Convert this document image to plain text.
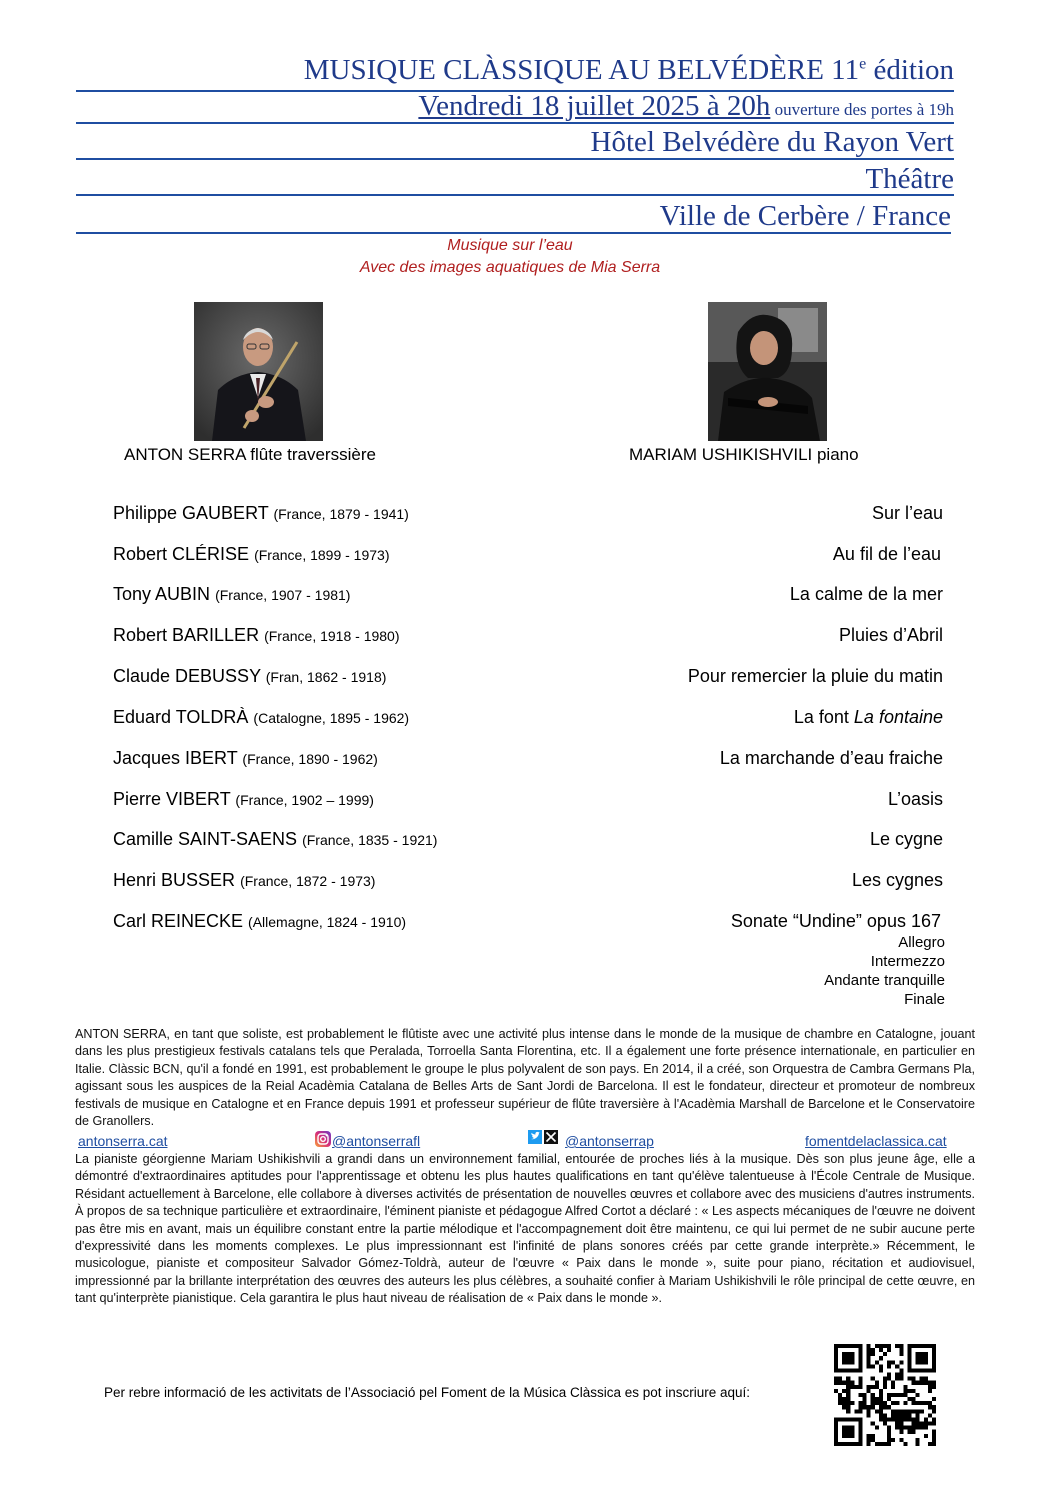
MUSIQUE CLÀSSIQUE AU BELVÉDÈRE 11e édition
Vendredi 18 juillet 2025 à 20h ouverture des portes à 19h
Hôtel Belvédère du Rayon Vert
Théâtre
Ville de Cerbère / France
Musique sur l’eau
Avec des images aquatiques de Mia Serra
ANTON SERRA flûte traverssière	MARIAM USHIKISHVILI piano
Philippe GAUBERT (France, 1879 - 1941)	Sur l’eau
Robert CLÉRISE (France, 1899 - 1973)	Au fil de l’eau
Tony AUBIN (France, 1907 - 1981)	La calme de la mer
Robert BARILLER (France, 1918 - 1980)	Pluies d’Abril
Claude DEBUSSY (Fran, 1862 - 1918)	Pour remercier la pluie du matin
Eduard TOLDRÀ (Catalogne, 1895 - 1962)	La font La fontaine
Jacques IBERT (France, 1890 - 1962)	La marchande d’eau fraiche
Pierre VIBERT (France, 1902 – 1999)	L’oasis
Camille SAINT-SAENS (France, 1835 - 1921)	Le cygne
Henri BUSSER (France, 1872 - 1973)	Les cygnes
Carl REINECKE (Allemagne, 1824 - 1910)	Sonate “Undine” opus 167
Allegro
Intermezzo
Andante tranquille
Finale
ANTON SERRA, en tant que soliste, est probablement le flûtiste avec une activité plus intense dans le monde de la musique de chambre en Catalogne, jouant dans les plus prestigieux festivals catalans tels que Peralada, Torroella Santa Florentina, etc. Il a également une forte présence internationale, en particulier en Italie. Clàssic BCN, qu'il a fondé en 1991, est probablement le groupe le plus polyvalent de son pays. En 2014, il a créé, son Orquestra de Cambra Germans Pla, agissant sous les auspices de la Reial Acadèmia Catalana de Belles Arts de Sant Jordi de Barcelona. Il est le fondateur, directeur et promoteur de nombreux festivals de musique en Catalogne et en France depuis 1991 et professeur supérieur de flûte traversière à l'Acadèmia Marshall de Barcelone et le Conservatoire de Granollers.
antonserra.cat	@antonserrafl	@antonserrap	fomentdelaclassica.cat
La pianiste géorgienne Mariam Ushikishvili a grandi dans un environnement familial, entourée de proches liés à la musique. Dès son plus jeune âge, elle a démontré d'extraordinaires aptitudes pour l'apprentissage et obtenu les plus hautes qualifications en tant qu'élève talentueuse à l'École Centrale de Musique. Résidant actuellement à Barcelone, elle collabore à diverses activités de présentation de nouvelles œuvres et collabore avec des musiciens d'autres instruments. À propos de sa technique particulière et extraordinaire, l'éminent pianiste et pédagogue Alfred Cortot a déclaré : « Les aspects mécaniques de l'œuvre ne doivent pas être mis en avant, mais un équilibre constant entre la partie mélodique et l'accompagnement doit être maintenu, ce qui lui permet de ne subir aucune perte d'expressivité dans les moments complexes. Le plus impressionnant est l'infinité de plans sonores créés par cette grande interprète.» Récemment, le musicologue, pianiste et compositeur Salvador Gómez-Toldrà, auteur de l'œuvre « Paix dans le monde », suite pour piano, récitation et audiovisuel, impressionné par la brillante interprétation des œuvres des auteurs les plus célèbres, a souhaité confier à Mariam Ushikishvili le rôle principal de cette œuvre, en tant qu'interprète pianistique. Cela garantira le plus haut niveau de réalisation de « Paix dans le monde ».
Per rebre informació de les activitats de l’Associació pel Foment de la Música Clàssica es pot inscriure aquí:
